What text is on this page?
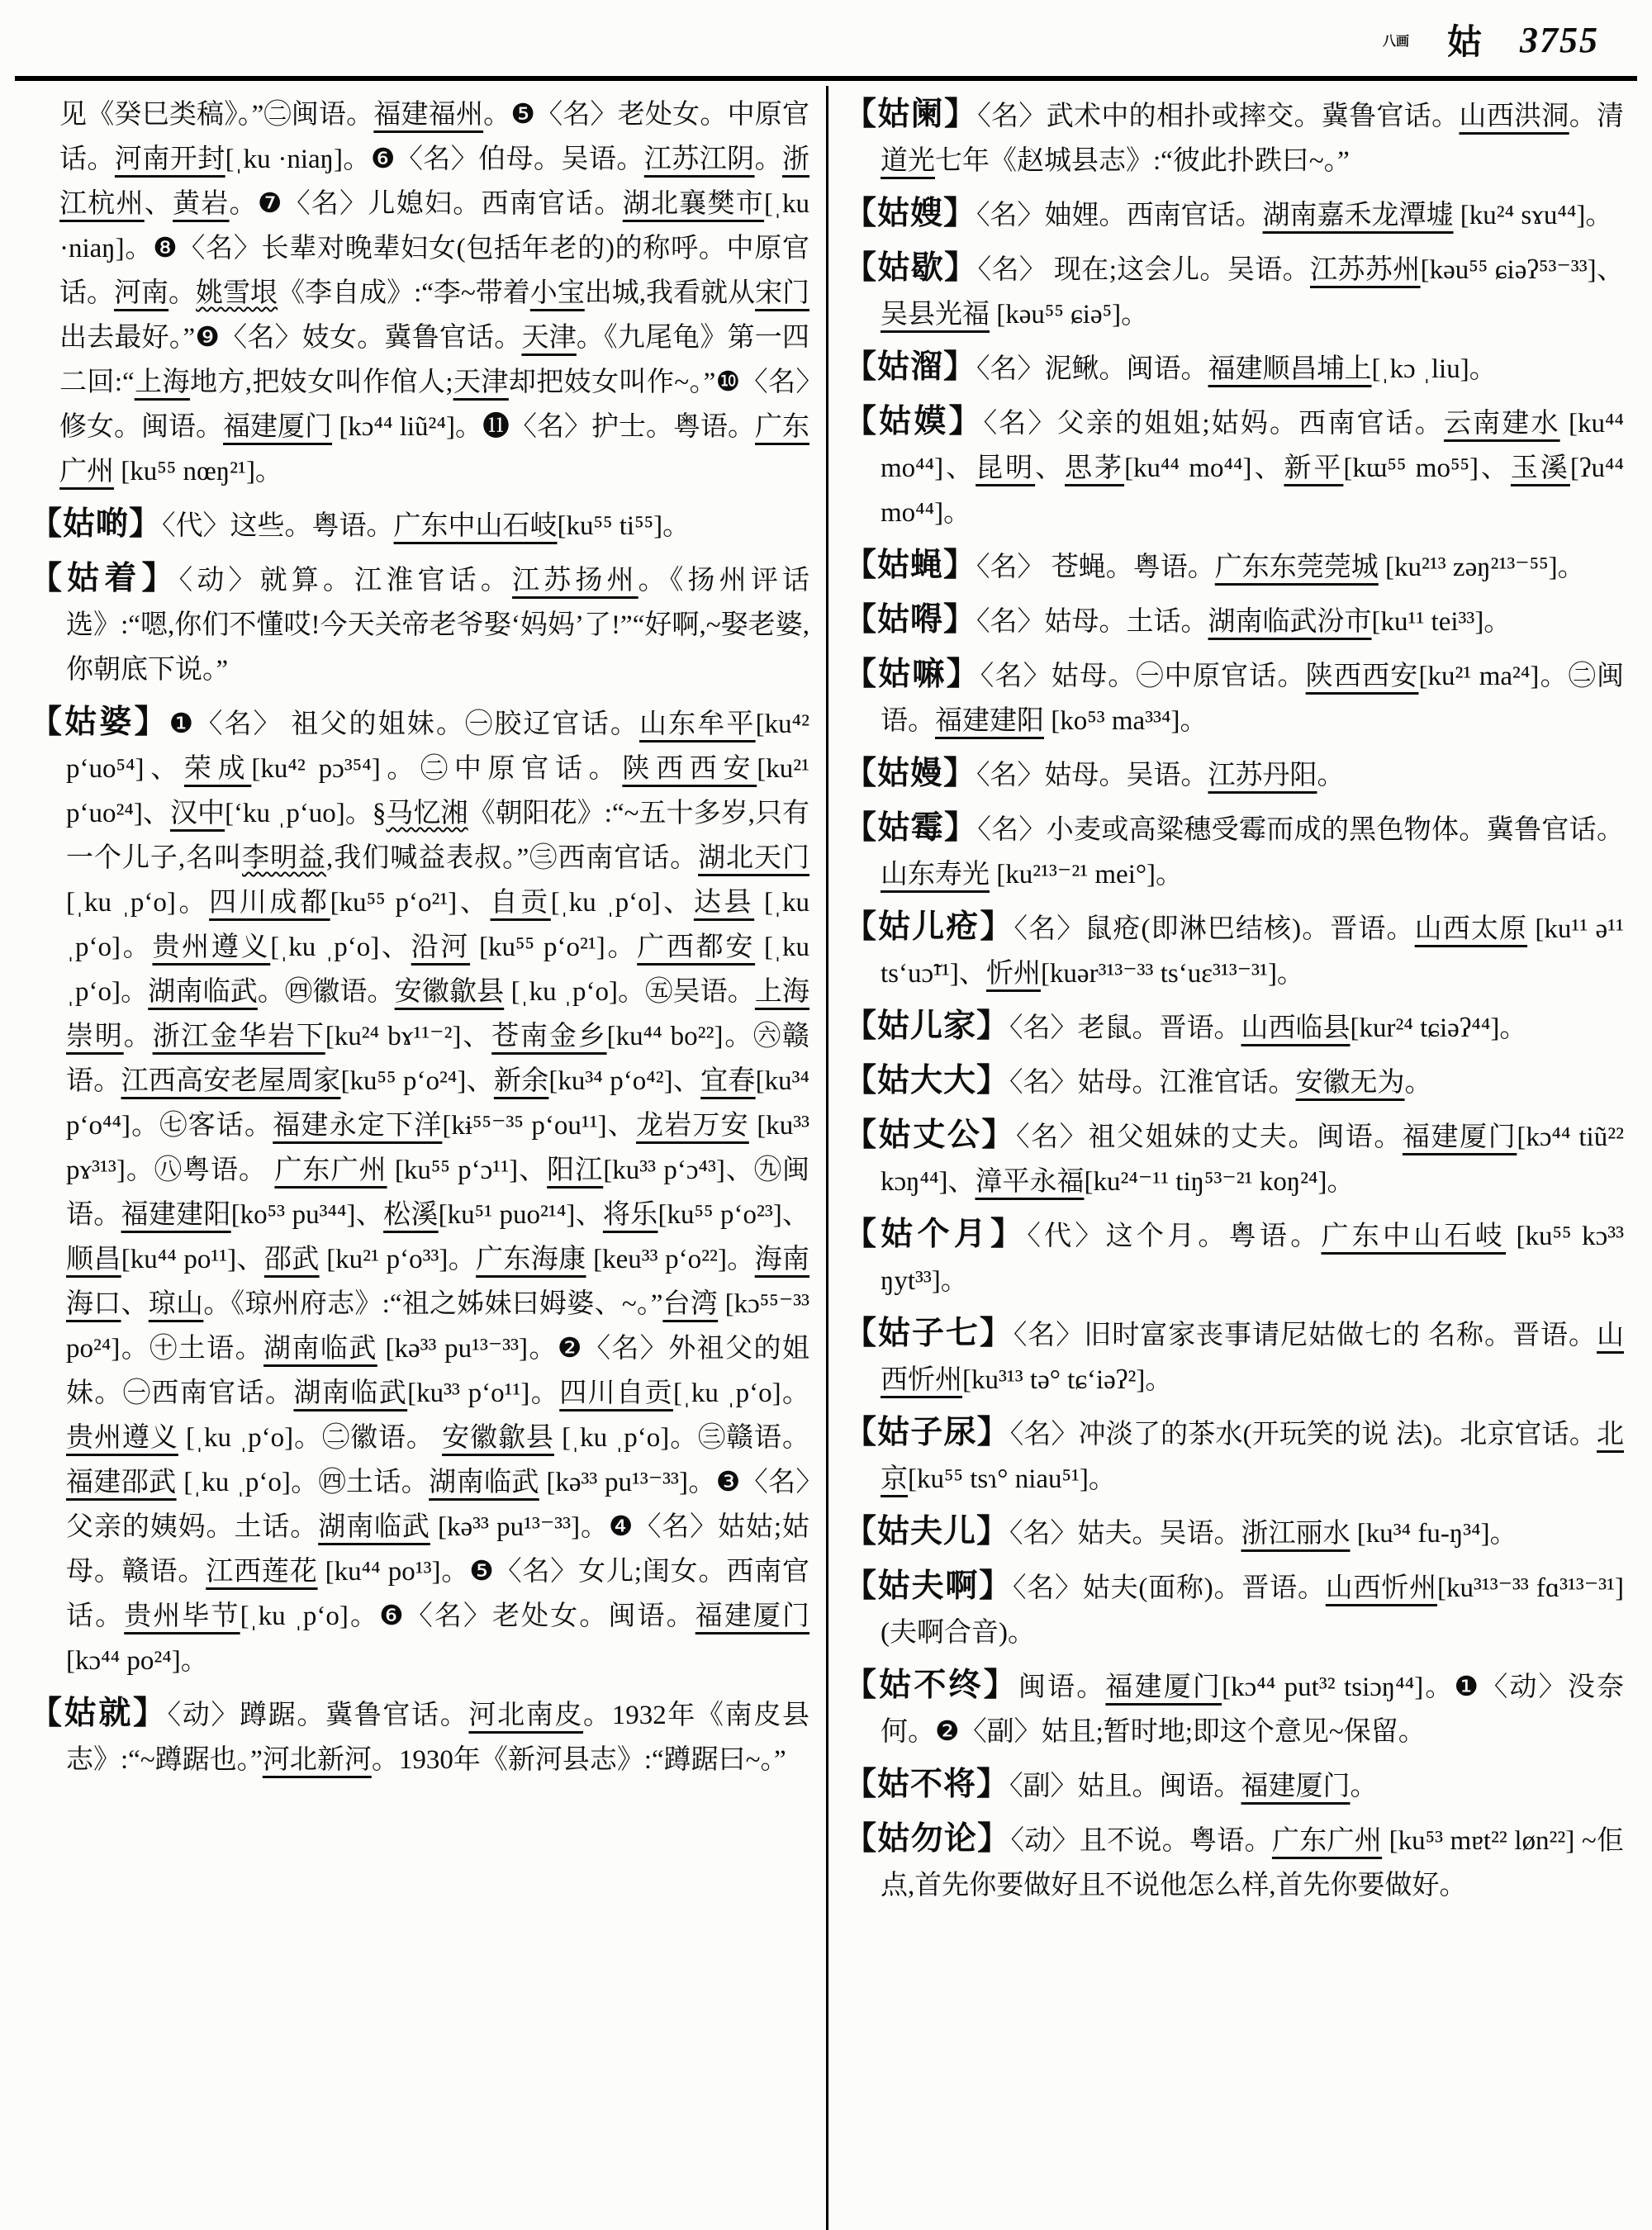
八画 姑 3755
见《癸巳类稿》。”㊁闽语。福建福州。❺〈名〉老处女。中原官话。河南开封[ˌku ·niaŋ]。❻〈名〉伯母。吴语。江苏江阴。浙江杭州、黄岩。❼〈名〉儿媳妇。西南官话。湖北襄樊市[ˌku ·niaŋ]。❽〈名〉长辈对晚辈妇女(包括年老的)的称呼。中原官话。河南。姚雪垠《李自成》:“李~带着小宝出城,我看就从宋门出去最好。”❾〈名〉妓女。冀鲁官话。天津。《九尾龟》第一四二回:“上海地方,把妓女叫作倌人;天津却把妓女叫作~。”❿〈名〉修女。闽语。福建厦门 [kɔ⁴⁴ liũ²⁴]。⓫〈名〉护士。粤语。广东广州 [ku⁵⁵ nœŋ²¹]。
【姑啲】〈代〉这些。粤语。广东中山石岐[ku⁵⁵ ti⁵⁵]。
【姑着】〈动〉就算。江淮官话。江苏扬州。《扬州评话选》:“嗯,你们不懂哎!今天关帝老爷娶‘妈妈’了!”“好啊,~娶老婆,你朝底下说。”
【姑婆】❶〈名〉 祖父的姐妹。㊀胶辽官话。山东牟平[ku⁴² pʻuo⁵⁴]、荣成[ku⁴² pɔ³⁵⁴]。㊁中原官话。陕西西安[ku²¹ pʻuo²⁴]、汉中[ʻku ˌpʻuo]。§马忆湘《朝阳花》:“~五十多岁,只有一个儿子,名叫李明益,我们喊益表叔。”㊂西南官话。湖北天门[ˌku ˌpʻo]。四川成都[ku⁵⁵ pʻo²¹]、自贡[ˌku ˌpʻo]、达县 [ˌku ˌpʻo]。贵州遵义[ˌku ˌpʻo]、沿河 [ku⁵⁵ pʻo²¹]。广西都安 [ˌku ˌpʻo]。湖南临武。㊃徽语。安徽歙县 [ˌku ˌpʻo]。㊄吴语。上海崇明。浙江金华岩下[ku²⁴ bɤ¹¹⁻²]、苍南金乡[ku⁴⁴ bo²²]。㊅赣语。江西高安老屋周家[ku⁵⁵ pʻo²⁴]、新余[ku³⁴ pʻo⁴²]、宜春[ku³⁴ pʻo⁴⁴]。㊆客话。福建永定下洋[kɨ⁵⁵⁻³⁵ pʻou¹¹]、龙岩万安 [ku³³ pɤ³¹³]。㊇粤语。 广东广州 [ku⁵⁵ pʻɔ¹¹]、阳江[ku³³ pʻɔ⁴³]、㊈闽语。福建建阳[ko⁵³ pu³⁴⁴]、松溪[ku⁵¹ puo²¹⁴]、将乐[ku⁵⁵ pʻo²³]、顺昌[ku⁴⁴ po¹¹]、邵武 [ku²¹ pʻo³³]。广东海康 [keu³³ pʻo²²]。海南海口、琼山。《琼州府志》:“祖之姊妹曰姆婆、~。”台湾 [kɔ⁵⁵⁻³³ po²⁴]。㊉土语。湖南临武 [kə³³ pu¹³⁻³³]。❷〈名〉外祖父的姐妹。㊀西南官话。湖南临武[ku³³ pʻo¹¹]。四川自贡[ˌku ˌpʻo]。贵州遵义 [ˌku ˌpʻo]。㊁徽语。 安徽歙县 [ˌku ˌpʻo]。㊂赣语。福建邵武 [ˌku ˌpʻo]。㊃土话。湖南临武 [kə³³ pu¹³⁻³³]。❸〈名〉父亲的姨妈。土话。湖南临武 [kə³³ pu¹³⁻³³]。❹〈名〉姑姑;姑母。赣语。江西莲花 [ku⁴⁴ po¹³]。❺〈名〉女儿;闺女。西南官话。贵州毕节[ˌku ˌpʻo]。❻〈名〉老处女。闽语。福建厦门 [kɔ⁴⁴ po²⁴]。
【姑就】〈动〉蹲踞。冀鲁官话。河北南皮。1932年《南皮县志》:“~蹲踞也。”河北新河。1930年《新河县志》:“蹲踞曰~。”
【姑阑】〈名〉武术中的相扑或摔交。冀鲁官话。山西洪洞。清道光七年《赵城县志》:“彼此扑跌曰~。”
【姑嫂】〈名〉妯娌。西南官话。湖南嘉禾龙潭墟 [ku²⁴ sɤu⁴⁴]。
【姑歇】〈名〉 现在;这会儿。吴语。江苏苏州[kəu⁵⁵ ɕiəʔ⁵³⁻³³]、吴县光福 [kəu⁵⁵ ɕiə⁵]。
【姑溜】〈名〉泥鳅。闽语。福建顺昌埔上[ˌkɔ ˌliu]。
【姑嫫】〈名〉父亲的姐姐;姑妈。西南官话。云南建水 [ku⁴⁴ mo⁴⁴]、昆明、思茅[ku⁴⁴ mo⁴⁴]、新平[kɯ⁵⁵ mo⁵⁵]、玉溪[ʔu⁴⁴ mo⁴⁴]。
【姑蝇】〈名〉 苍蝇。粤语。广东东莞莞城 [ku²¹³ zəŋ²¹³⁻⁵⁵]。
【姑嘚】〈名〉姑母。土话。湖南临武汾市[ku¹¹ tei³³]。
【姑嘛】〈名〉姑母。㊀中原官话。陕西西安[ku²¹ ma²⁴]。㊁闽语。福建建阳 [ko⁵³ ma³³⁴]。
【姑嫚】〈名〉姑母。吴语。江苏丹阳。
【姑霉】〈名〉小麦或高粱穗受霉而成的黑色物体。冀鲁官话。山东寿光 [ku²¹³⁻²¹ mei°]。
【姑儿疮】〈名〉鼠疮(即淋巴结核)。晋语。山西太原 [ku¹¹ ə¹¹ tsʻuɔ̃¹¹]、忻州[kuər³¹³⁻³³ tsʻuɛ³¹³⁻³¹]。
【姑儿家】〈名〉老鼠。晋语。山西临县[kur²⁴ tɕiəʔ⁴⁴]。
【姑大大】〈名〉姑母。江淮官话。安徽无为。
【姑丈公】〈名〉祖父姐妹的丈夫。闽语。福建厦门[kɔ⁴⁴ tiũ²² kɔŋ⁴⁴]、漳平永福[ku²⁴⁻¹¹ tiŋ⁵³⁻²¹ koŋ²⁴]。
【姑个月】〈代〉这个月。粤语。广东中山石岐 [ku⁵⁵ kɔ³³ ŋyt³³]。
【姑子七】〈名〉旧时富家丧事请尼姑做七的 名称。晋语。山西忻州[ku³¹³ tə° tɕʻiəʔ²]。
【姑子尿】〈名〉冲淡了的茶水(开玩笑的说 法)。北京官话。北京[ku⁵⁵ tsɿ° niau⁵¹]。
【姑夫儿】〈名〉姑夫。吴语。浙江丽水 [ku³⁴ fu-ŋ³⁴]。
【姑夫啊】〈名〉姑夫(面称)。晋语。山西忻州[ku³¹³⁻³³ fɑ³¹³⁻³¹](夫啊合音)。
【姑不终】闽语。福建厦门[kɔ⁴⁴ put³² tsiɔŋ⁴⁴]。❶〈动〉没奈何。❷〈副〉姑且;暂时地;即这个意见~保留。
【姑不将】〈副〉姑且。闽语。福建厦门。
【姑勿论】〈动〉且不说。粤语。广东广州 [ku⁵³ mɐt²² løn²²] ~佢点,首先你要做好且不说他怎么样,首先你要做好。
